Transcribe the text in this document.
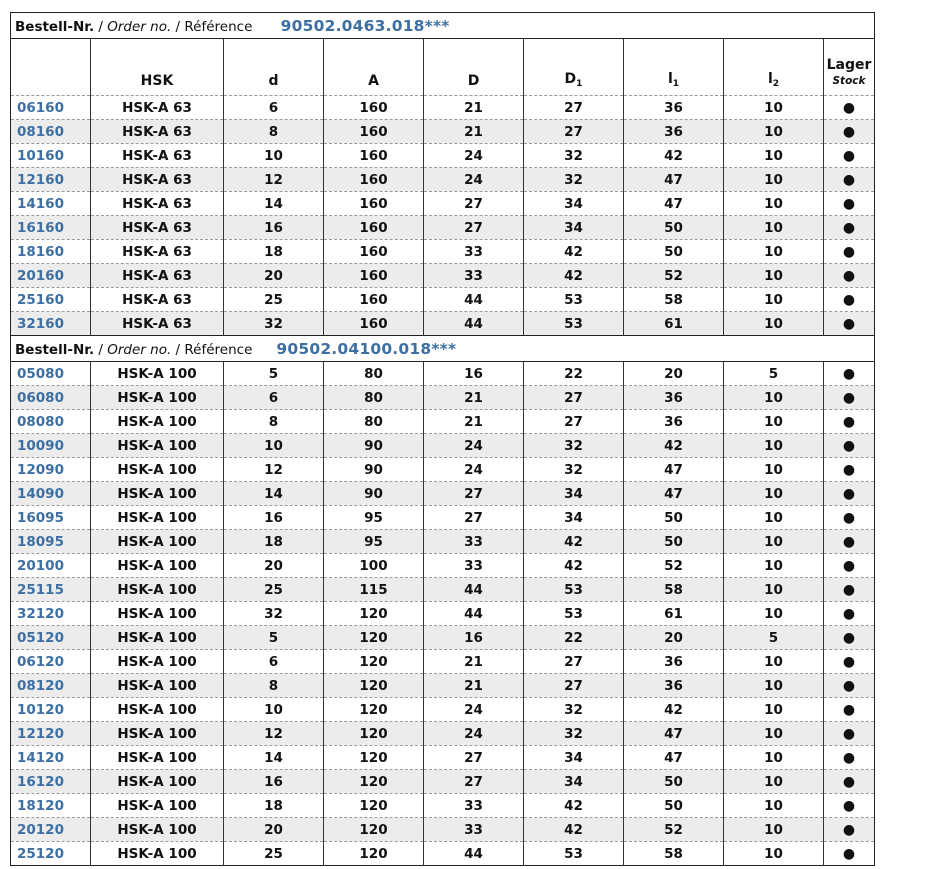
Bestell-Nr. / Order no. / Référence 90502.0463.018***								
	HSK	d	A	D	$D_1$	$l_1$	$l_2$	Lager
Stock

06160	HSK-A 63	6	160	21	27	36	10	●
08160	HSK-A 63	8	160	21	27	36	10	●
10160	HSK-A 63	10	160	24	32	42	10	●
12160	HSK-A 63	12	160	24	32	47	10	●
14160	HSK-A 63	14	160	27	34	47	10	●
16160	HSK-A 63	16	160	27	34	50	10	●
18160	HSK-A 63	18	160	33	42	50	10	●
20160	HSK-A 63	20	160	33	42	52	10	●
25160	HSK-A 63	25	160	44	53	58	10	●
32160	HSK-A 63	32	160	44	53	61	10	●
Bestell-Nr. / Order no. / Référence 90502.04100.018***								
05080	HSK-A 100	5	80	16	22	20	5	●
06080	HSK-A 100	6	80	21	27	36	10	●
08080	HSK-A 100	8	80	21	27	36	10	●
10090	HSK-A 100	10	90	24	32	42	10	●
12090	HSK-A 100	12	90	24	32	47	10	●
14090	HSK-A 100	14	90	27	34	47	10	●
16095	HSK-A 100	16	95	27	34	50	10	●
18095	HSK-A 100	18	95	33	42	50	10	●
20100	HSK-A 100	20	100	33	42	52	10	●
25115	HSK-A 100	25	115	44	53	58	10	●
32120	HSK-A 100	32	120	44	53	61	10	●
05120	HSK-A 100	5	120	16	22	20	5	●
06120	HSK-A 100	6	120	21	27	36	10	●
08120	HSK-A 100	8	120	21	27	36	10	●
10120	HSK-A 100	10	120	24	32	42	10	●
12120	HSK-A 100	12	120	24	32	47	10	●
14120	HSK-A 100	14	120	27	34	47	10	●
16120	HSK-A 100	16	120	27	34	50	10	●
18120	HSK-A 100	18	120	33	42	50	10	●
20120	HSK-A 100	20	120	33	42	52	10	●
25120	HSK-A 100	25	120	44	53	58	10	●
